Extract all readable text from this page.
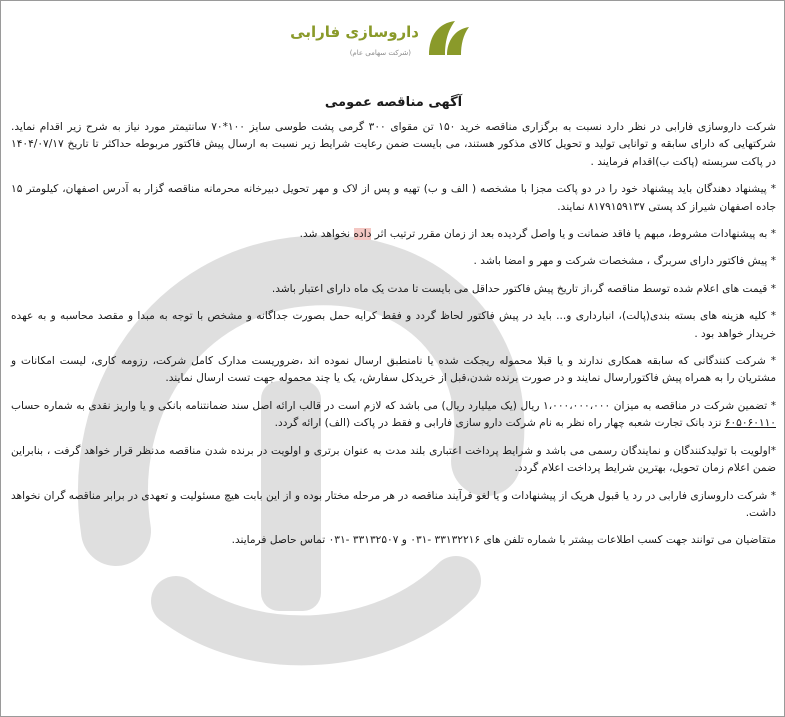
داروسازی فارابی
(شرکت سهامی عام)
آگهی مناقصه عمومی

شرکت داروسازی فارابی در نظر دارد نسبت به برگزاری مناقصه خرید ۱۵۰ تن مقوای ۳۰۰ گرمی پشت طوسی سایز ۱۰۰*۷۰ سانتیمتر مورد نیاز به شرح زیر اقدام نماید. شرکتهایی که دارای سابقه و توانایی تولید و تحویل کالای مذکور هستند، می بایست ضمن رعایت شرایط زیر نسبت به ارسال پیش فاکتور مربوطه حداکثر تا تاریخ ۱۴۰۴/۰۷/۱۷ در پاکت سربسته (پاکت ب)اقدام فرمایند .

* پیشنهاد دهندگان باید پیشنهاد خود را در دو پاکت مجزا با مشخصه ( الف و ب) تهیه و پس از لاک و مهر تحویل دبیرخانه محرمانه مناقصه گزار به آدرس اصفهان، کیلومتر ۱۵ جاده اصفهان شیراز کد پستی ۸۱۷۹۱۵۹۱۳۷ نمایند.

* به پیشنهادات مشروط، مبهم یا فاقد ضمانت و یا واصل گردیده بعد از زمان مقرر ترتیب اثر داده نخواهد شد.

* پیش فاکتور دارای سربرگ ، مشخصات شرکت و مهر و امضا باشد .

* قیمت های اعلام شده توسط مناقصه گر،از تاریخ پیش فاکتور حداقل می بایست تا مدت یک ماه دارای اعتبار باشد.

* کلیه هزینه های بسته بندی(پالت)، انبارداری و... باید در پیش فاکتور لحاظ گردد و فقط کرایه حمل بصورت جداگانه و مشخص با توجه به مبدا و مقصد محاسبه و به عهده خریدار خواهد بود .

* شرکت کنندگانی که سابقه همکاری ندارند و یا قبلا محموله ریجکت شده یا نامنطبق ارسال نموده اند ،ضروریست مدارک کامل شرکت، رزومه کاری، لیست امکانات و مشتریان را به همراه پیش فاکتورارسال نمایند و در صورت برنده شدن،قبل از خریدکل سفارش، یک یا چند محموله جهت تست ارسال نمایند.

* تضمین شرکت در مناقصه به میزان ۱،۰۰۰،۰۰۰،۰۰۰ ریال (یک میلیارد ریال) می باشد که لازم است در قالب ارائه اصل سند ضمانتنامه بانکی و یا واریز نقدی به شماره حساب ۶۰۵۰۶۰۱۱۰ نزد بانک تجارت شعبه چهار راه نظر به نام شرکت دارو سازی فارابی و فقط در پاکت (الف) ارائه گردد.

*اولویت با تولیدکنندگان و نمایندگان رسمی می باشد و شرایط پرداخت اعتباری بلند مدت به عنوان برتری و اولویت در برنده شدن مناقصه مدنظر قرار خواهد گرفت ، بنابراین ضمن اعلام زمان تحویل، بهترین شرایط پرداخت اعلام گردد.

* شرکت داروسازی فارابی در رد یا قبول هریک از پیشنهادات و یا لغو فرآیند مناقصه در هر مرحله مختار بوده و از این بابت هیچ مسئولیت و تعهدی در برابر مناقصه گران نخواهد داشت.

متقاضیان می توانند جهت کسب اطلاعات بیشتر با شماره تلفن های ۳۳۱۳۲۲۱۶ -۰۳۱ و ۳۳۱۳۲۵۰۷ -۰۳۱ تماس حاصل فرمایند.
